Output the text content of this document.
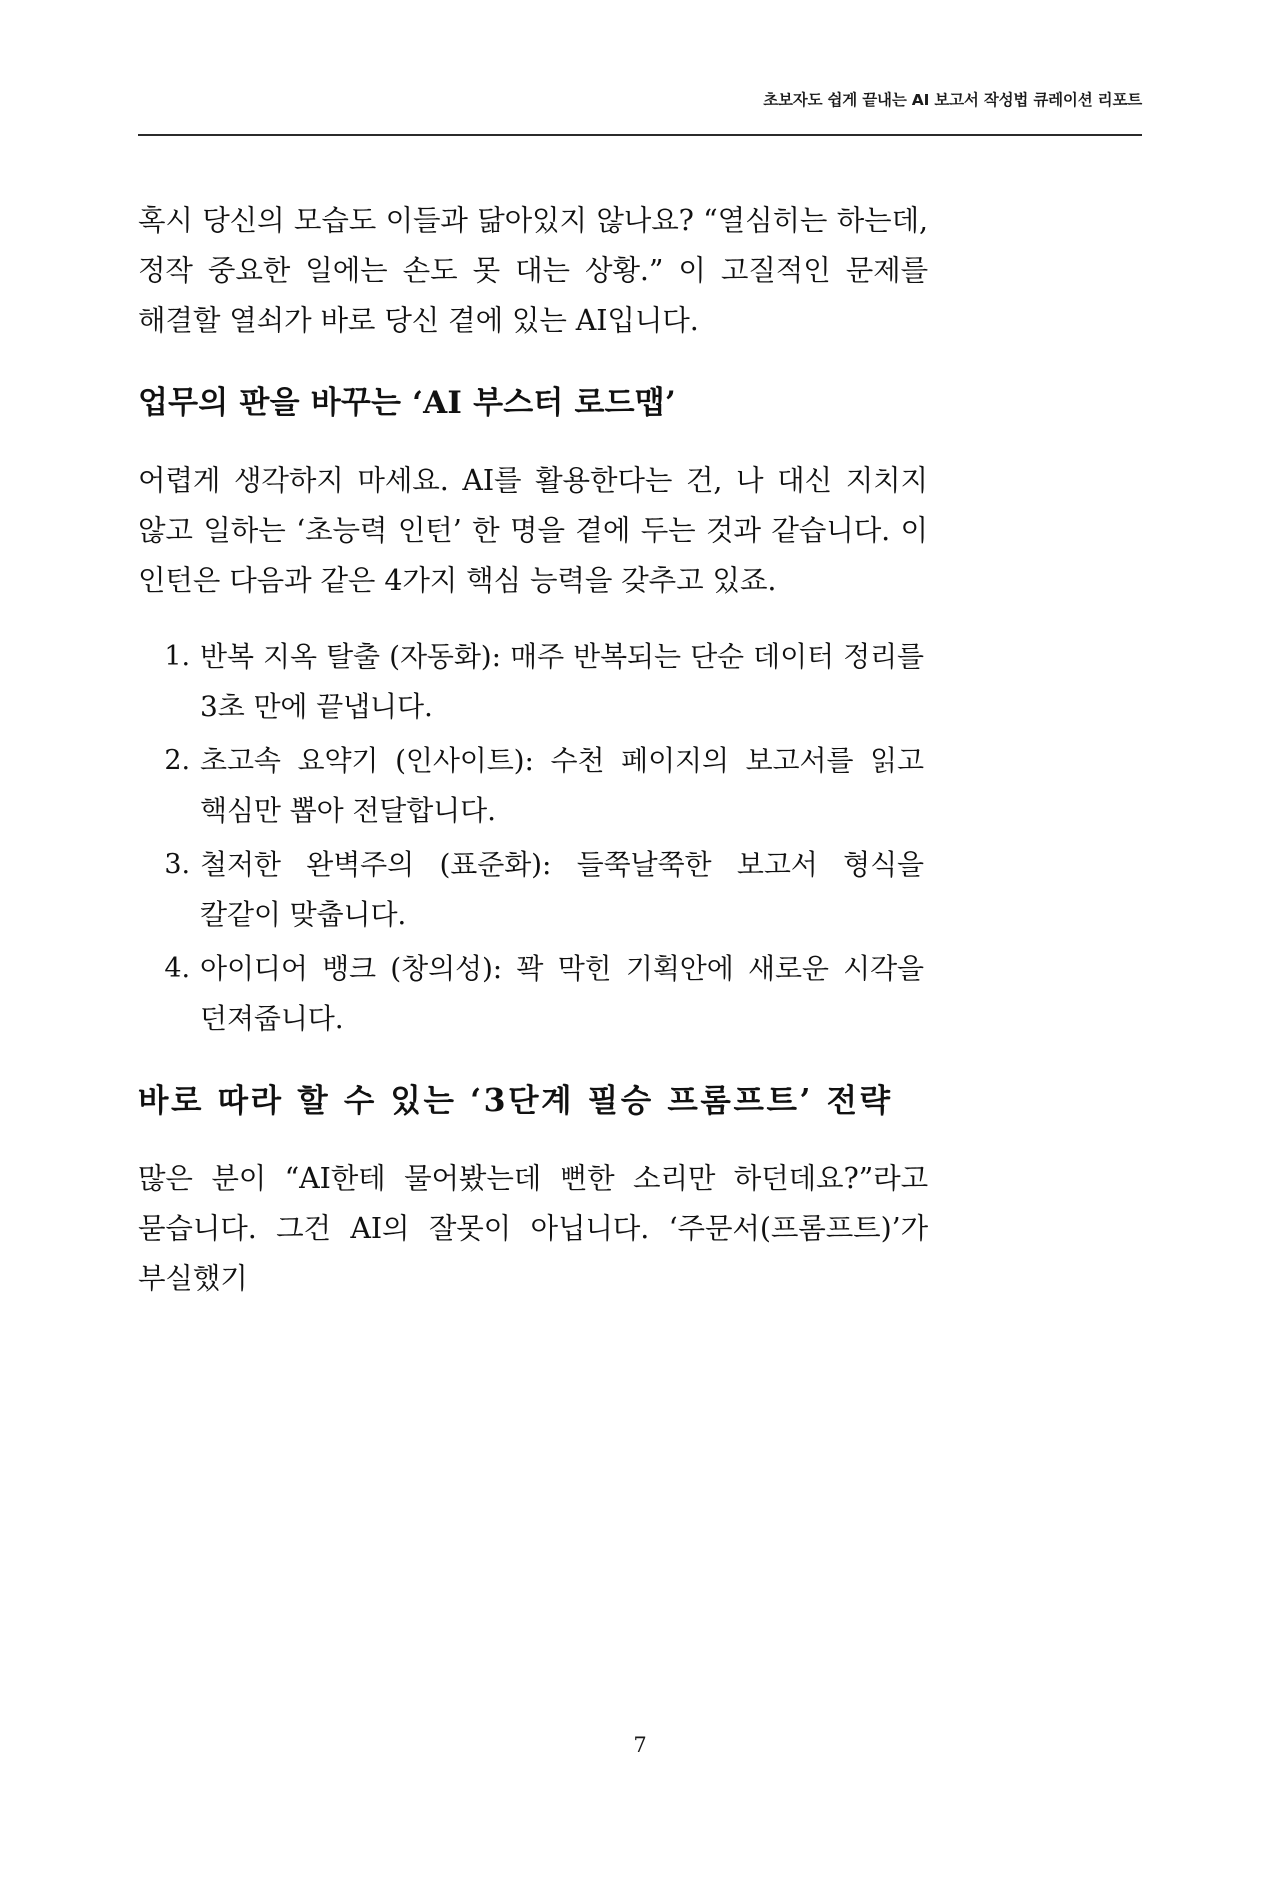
초보자도 쉽게 끝내는 AI 보고서 작성법 큐레이션 리포트

혹시 당신의 모습도 이들과 닮아있지 않나요? “열심히는 하는데, 정작 중요한 일에는 손도 못 대는 상황.” 이 고질적인 문제를 해결할 열쇠가 바로 당신 곁에 있는 AI입니다.

업무의 판을 바꾸는 ‘AI 부스터 로드맵’

어렵게 생각하지 마세요. AI를 활용한다는 건, 나 대신 지치지 않고 일하는 ‘초능력 인턴’ 한 명을 곁에 두는 것과 같습니다. 이 인턴은 다음과 같은 4가지 핵심 능력을 갖추고 있죠.

반복 지옥 탈출 (자동화): 매주 반복되는 단순 데이터 정리를 3초 만에 끝냅니다.
초고속 요약기 (인사이트): 수천 페이지의 보고서를 읽고 핵심만 뽑아 전달합니다.
철저한 완벽주의 (표준화): 들쭉날쭉한 보고서 형식을 칼같이 맞춥니다.
아이디어 뱅크 (창의성): 꽉 막힌 기획안에 새로운 시각을 던져줍니다.
바로 따라 할 수 있는 ‘3단계 필승 프롬프트’ 전략

많은 분이 “AI한테 물어봤는데 뻔한 소리만 하던데요?”라고 묻습니다. 그건 AI의 잘못이 아닙니다. ‘주문서(프롬프트)’가 부실했기

7
